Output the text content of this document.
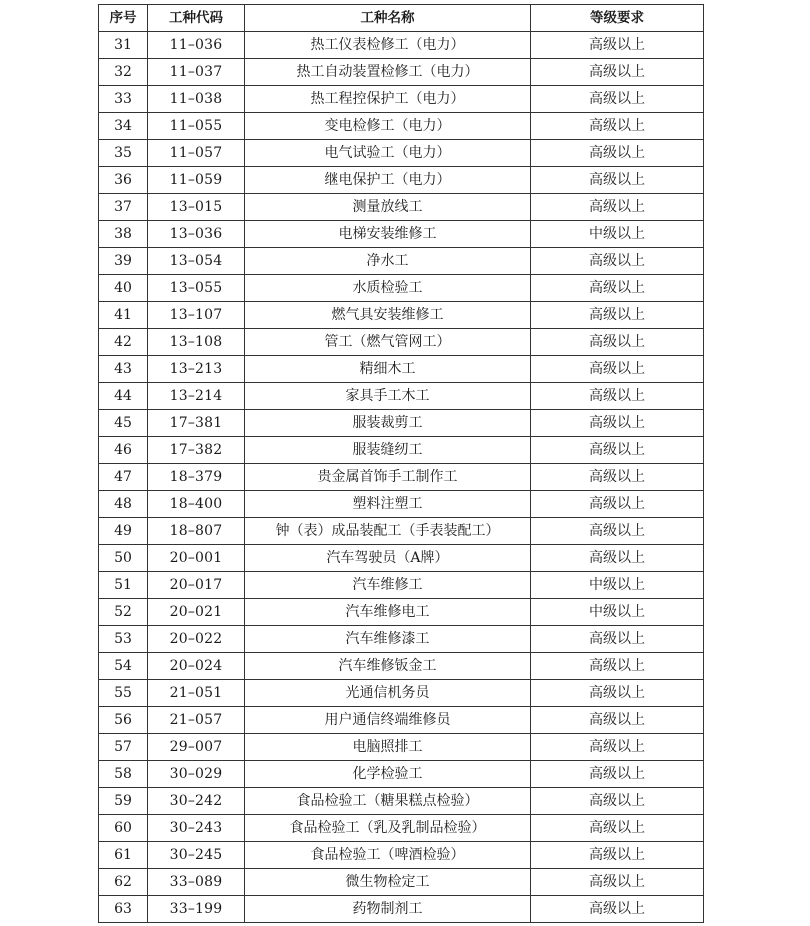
序号	工种代码	工种名称	等级要求
31	11–036	热工仪表检修工（电力）	高级以上
32	11–037	热工自动装置检修工（电力）	高级以上
33	11–038	热工程控保护工（电力）	高级以上
34	11–055	变电检修工（电力）	高级以上
35	11–057	电气试验工（电力）	高级以上
36	11–059	继电保护工（电力）	高级以上
37	13–015	测量放线工	高级以上
38	13–036	电梯安装维修工	中级以上
39	13–054	净水工	高级以上
40	13–055	水质检验工	高级以上
41	13–107	燃气具安装维修工	高级以上
42	13–108	管工（燃气管网工）	高级以上
43	13–213	精细木工	高级以上
44	13–214	家具手工木工	高级以上
45	17–381	服装裁剪工	高级以上
46	17–382	服装缝纫工	高级以上
47	18–379	贵金属首饰手工制作工	高级以上
48	18–400	塑料注塑工	高级以上
49	18–807	钟（表）成品装配工（手表装配工）	高级以上
50	20–001	汽车驾驶员（A牌）	高级以上
51	20–017	汽车维修工	中级以上
52	20–021	汽车维修电工	中级以上
53	20–022	汽车维修漆工	高级以上
54	20–024	汽车维修钣金工	高级以上
55	21–051	光通信机务员	高级以上
56	21–057	用户通信终端维修员	高级以上
57	29–007	电脑照排工	高级以上
58	30–029	化学检验工	高级以上
59	30–242	食品检验工（糖果糕点检验）	高级以上
60	30–243	食品检验工（乳及乳制品检验）	高级以上
61	30–245	食品检验工（啤酒检验）	高级以上
62	33–089	微生物检定工	高级以上
63	33–199	药物制剂工	高级以上
